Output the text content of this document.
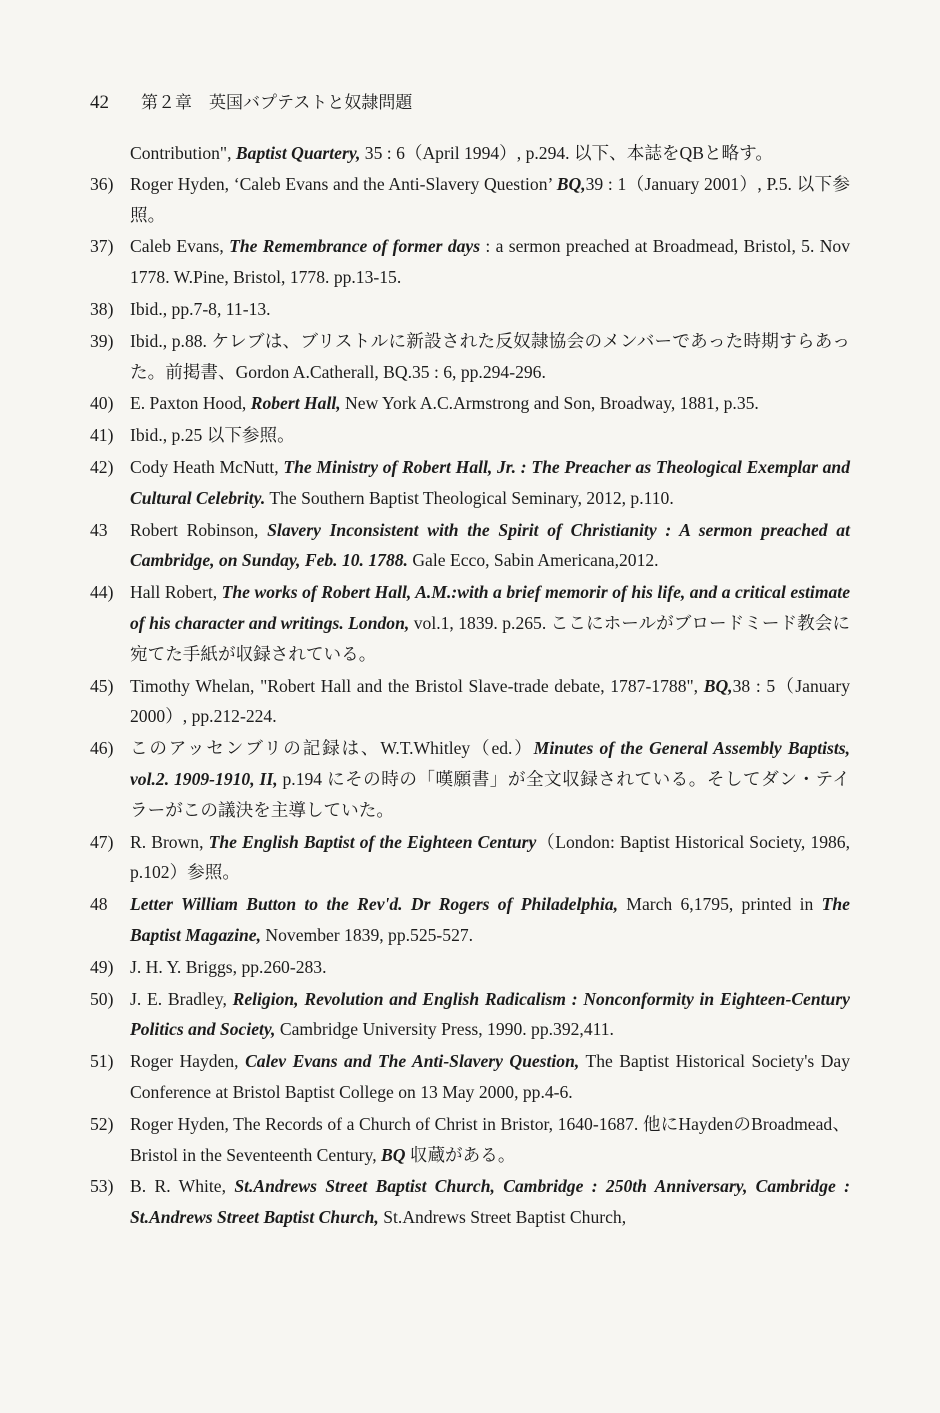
42 第２章　英国バプテストと奴隷問題
Contribution", Baptist Quartery, 35 : 6（April 1994）, p.294. 以下、本誌をQBと略す。
36) Roger Hyden, ‘Caleb Evans and the Anti-Slavery Question’ BQ,39 : 1（January 2001）, P.5. 以下参照。
37) Caleb Evans, The Remembrance of former days : a sermon preached at Broadmead, Bristol, 5. Nov 1778. W.Pine, Bristol, 1778. pp.13-15.
38) Ibid., pp.7-8, 11-13.
39) Ibid., p.88. ケレブは、ブリストルに新設された反奴隷協会のメンバーであった時期すらあった。前掲書、Gordon A.Catherall, BQ.35 : 6, pp.294-296.
40) E. Paxton Hood, Robert Hall, New York A.C.Armstrong and Son, Broadway, 1881, p.35.
41) Ibid., p.25 以下参照。
42) Cody Heath McNutt, The Ministry of Robert Hall, Jr. : The Preacher as Theological Exemplar and Cultural Celebrity. The Southern Baptist Theological Seminary, 2012, p.110.
43	Robert Robinson, Slavery Inconsistent with the Spirit of Christianity : A sermon preached at Cambridge, on Sunday, Feb. 10. 1788. Gale Ecco, Sabin Americana,2012.
44) Hall Robert, The works of Robert Hall, A.M.:with a brief memorir of his life, and a critical estimate of his character and writings. London, vol.1, 1839. p.265. ここにホールがブロードミード教会に宛てた手紙が収録されている。
45) Timothy Whelan, "Robert Hall and the Bristol Slave-trade debate, 1787-1788", BQ,38 : 5（January 2000）, pp.212-224.
46) このアッセンブリの記録は、W.T.Whitley（ed.）Minutes of the General Assembly Baptists, vol.2. 1909-1910, II, p.194 にその時の「嘆願書」が全文収録されている。そしてダン・テイラーがこの議決を主導していた。
47) R. Brown, The English Baptist of the Eighteen Century（London: Baptist Historical Society, 1986, p.102）参照。
48	Letter William Button to the Rev'd. Dr Rogers of Philadelphia, March 6,1795, printed in The Baptist Magazine, November 1839, pp.525-527.
49) J. H. Y. Briggs, pp.260-283.
50) J. E. Bradley, Religion, Revolution and English Radicalism : Nonconformity in Eighteen-Century Politics and Society, Cambridge University Press, 1990. pp.392,411.
51) Roger Hayden, Calev Evans and The Anti-Slavery Question, The Baptist Historical Society's Day Conference at Bristol Baptist College on 13 May 2000, pp.4-6.
52) Roger Hyden, The Records of a Church of Christ in Bristor, 1640-1687. 他にHaydenのBroadmead、Bristol in the Seventeenth Century, BQ 収蔵がある。
53) B. R. White, St.Andrews Street Baptist Church, Cambridge : 250th Anniversary, Cambridge : St.Andrews Street Baptist Church, St.Andrews Street Baptist Church,
